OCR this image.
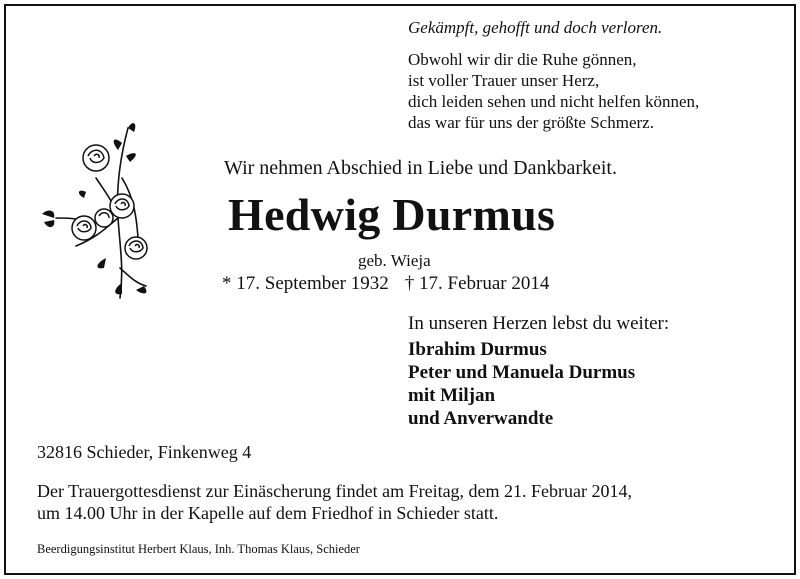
Gekämpft, gehofft und doch verloren.
Obwohl wir dir die Ruhe gönnen,
ist voller Trauer unser Herz,
dich leiden sehen und nicht helfen können,
das war für uns der größte Schmerz.
Wir nehmen Abschied in Liebe und Dankbarkeit.
Hedwig Durmus
geb. Wieja
* 17. September 1932 † 17. Februar 2014
In unseren Herzen lebst du weiter:
Ibrahim Durmus
Peter und Manuela Durmus
mit Miljan
und Anverwandte
32816 Schieder, Finkenweg 4
Der Trauergottesdienst zur Einäscherung findet am Freitag, dem 21. Februar 2014,
um 14.00 Uhr in der Kapelle auf dem Friedhof in Schieder statt.
Beerdigungsinstitut Herbert Klaus, Inh. Thomas Klaus, Schieder
